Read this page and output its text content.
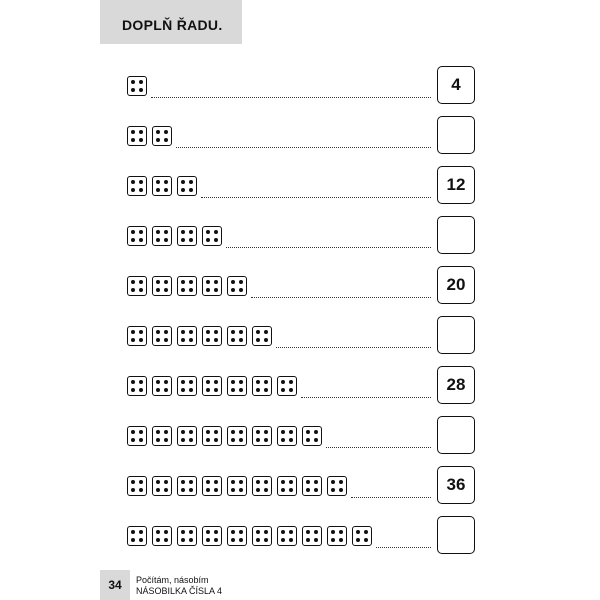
DOPLŇ ŘADU.
4
12
20
28
36
34	Počítám, násobím
NÁSOBILKA ČÍSLA 4
